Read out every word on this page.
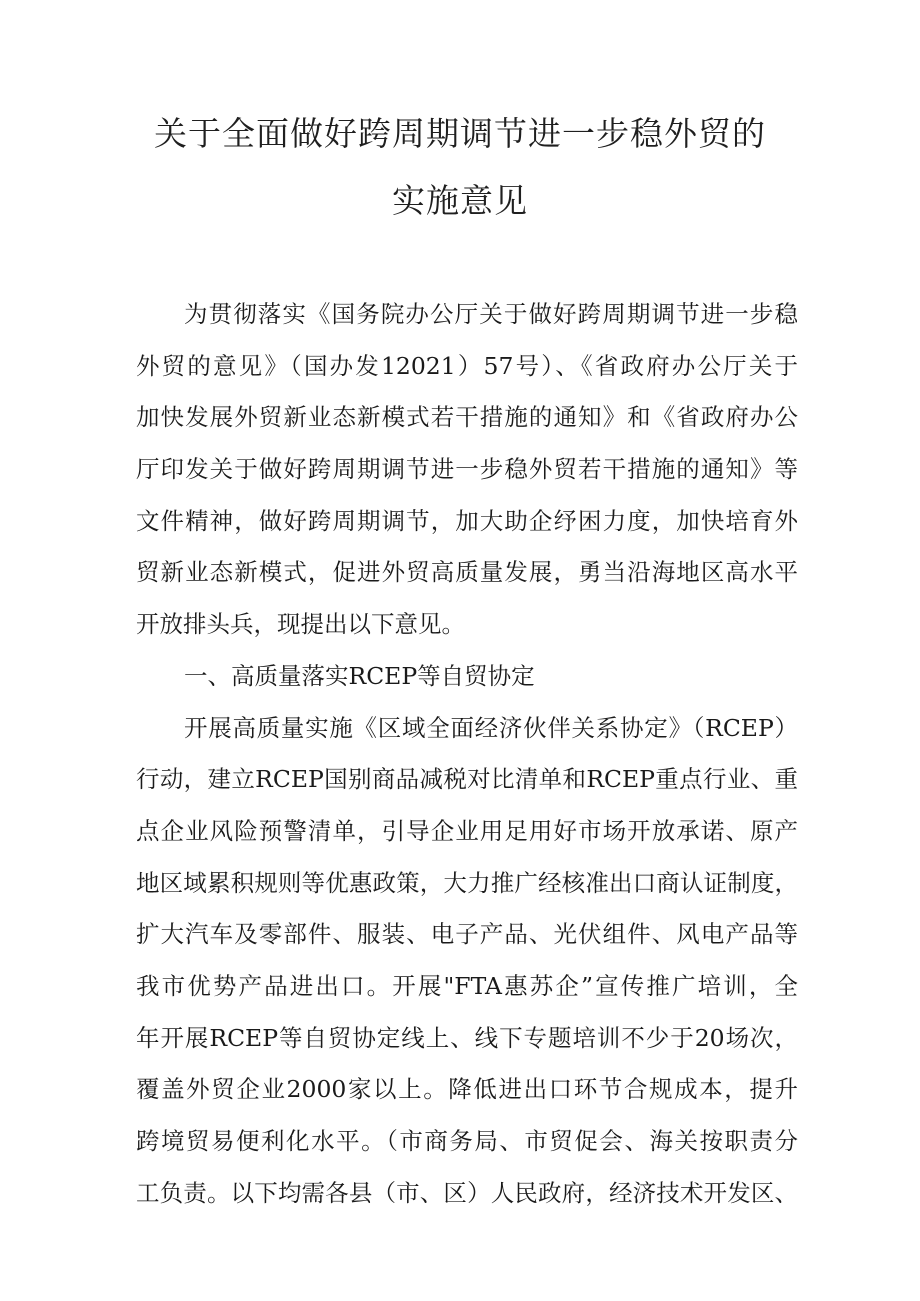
关于全面做好跨周期调节进一步稳外贸的
实施意见
为贯彻落实《国务院办公厅关于做好跨周期调节进一步稳
外贸的意见》（国办发12021）57号）、《省政府办公厅关于
加快发展外贸新业态新模式若干措施的通知》和《省政府办公
厅印发关于做好跨周期调节进一步稳外贸若干措施的通知》等
文件精神，做好跨周期调节，加大助企纾困力度，加快培育外
贸新业态新模式，促进外贸高质量发展，勇当沿海地区高水平
开放排头兵，现提出以下意见。
一、高质量落实RCEP等自贸协定
开展高质量实施《区域全面经济伙伴关系协定》（RCEP）
行动，建立RCEP国别商品减税对比清单和RCEP重点行业、重
点企业风险预警清单，引导企业用足用好市场开放承诺、原产
地区域累积规则等优惠政策，大力推广经核准出口商认证制度，
扩大汽车及零部件、服装、电子产品、光伏组件、风电产品等
我市优势产品进出口。开展"FTA惠苏企”宣传推广培训，全
年开展RCEP等自贸协定线上、线下专题培训不少于20场次，
覆盖外贸企业2000家以上。降低进出口环节合规成本，提升
跨境贸易便利化水平。（市商务局、市贸促会、海关按职责分
工负责。以下均需各县（市、区）人民政府，经济技术开发区、
